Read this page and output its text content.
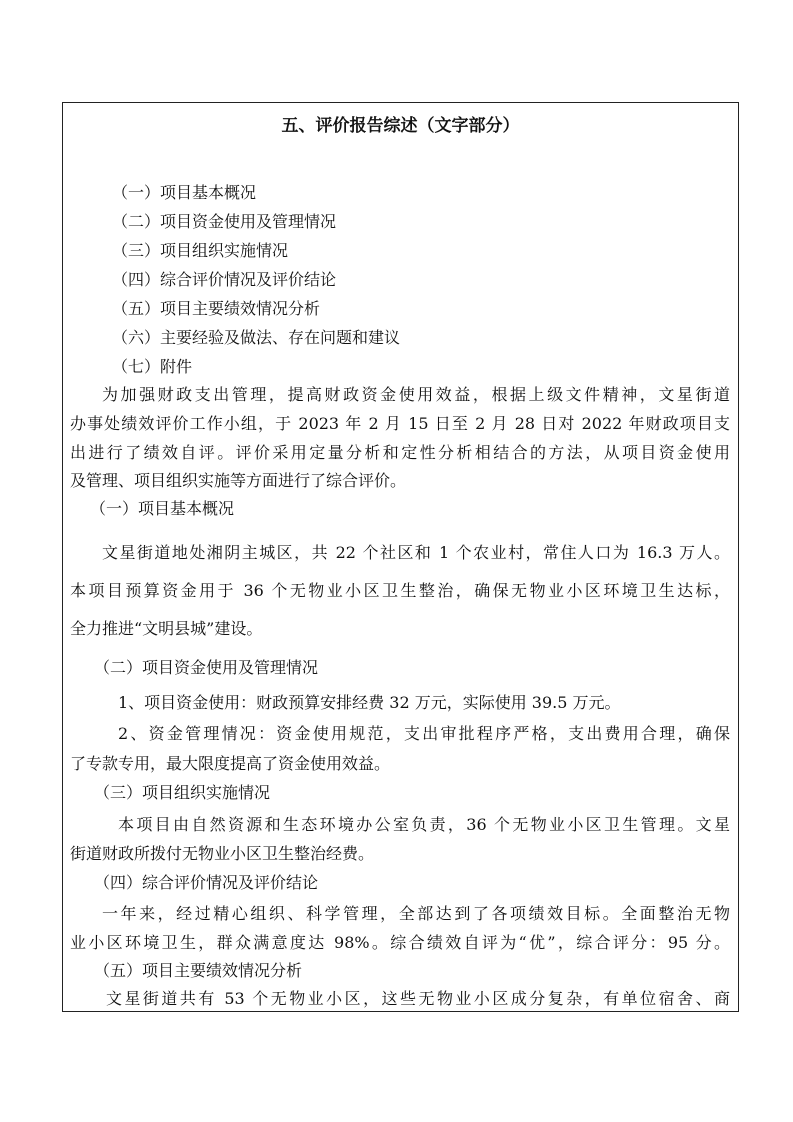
五、评价报告综述（文字部分）
（一）项目基本概况
（二）项目资金使用及管理情况
（三）项目组织实施情况
（四）综合评价情况及评价结论
（五）项目主要绩效情况分析
（六）主要经验及做法、存在问题和建议
（七）附件
为加强财政支出管理，提高财政资金使用效益，根据上级文件精神，文星街道
办事处绩效评价工作小组，于 2023 年 2 月 15 日至 2 月 28 日对 2022 年财政项目支
出进行了绩效自评。评价采用定量分析和定性分析相结合的方法，从项目资金使用
及管理、项目组织实施等方面进行了综合评价。
（一）项目基本概况
文星街道地处湘阴主城区，共 22 个社区和 1 个农业村，常住人口为 16.3 万人。
本项目预算资金用于 36 个无物业小区卫生整治，确保无物业小区环境卫生达标，
全力推进“文明县城”建设。
（二）项目资金使用及管理情况
1、项目资金使用：财政预算安排经费 32 万元，实际使用 39.5 万元。
2、资金管理情况：资金使用规范，支出审批程序严格，支出费用合理，确保
了专款专用，最大限度提高了资金使用效益。
（三）项目组织实施情况
本项目由自然资源和生态环境办公室负责，36 个无物业小区卫生管理。文星
街道财政所拨付无物业小区卫生整治经费。
（四）综合评价情况及评价结论
一年来，经过精心组织、科学管理，全部达到了各项绩效目标。全面整治无物
业小区环境卫生，群众满意度达 98%。综合绩效自评为“优”，综合评分：95 分。
（五）项目主要绩效情况分析
文星街道共有 53 个无物业小区，这些无物业小区成分复杂，有单位宿舍、商
